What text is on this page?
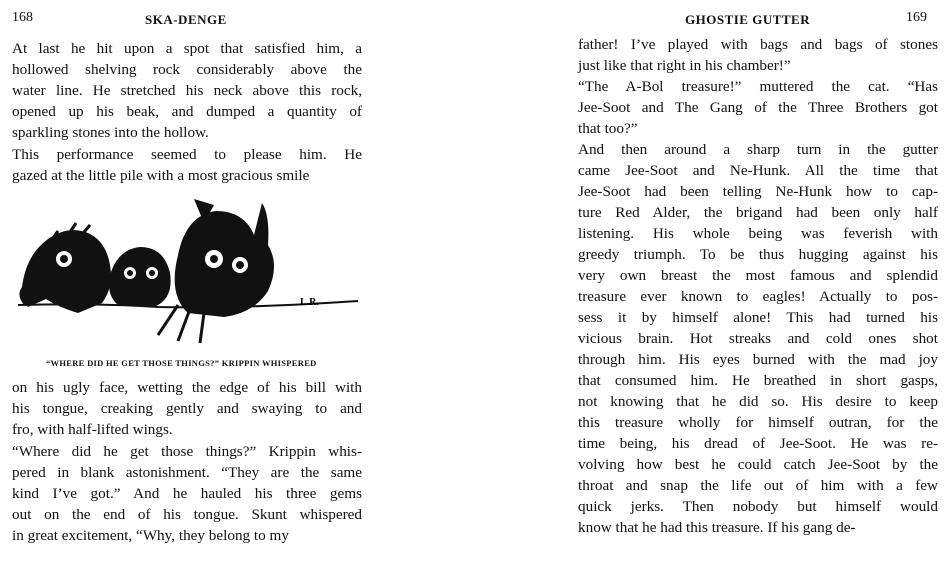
168	SKA-DENGE
At last he hit upon a spot that satisfied him, a
hollowed shelving rock considerably above the
water line. He stretched his neck above this rock,
opened up his beak, and dumped a quantity of
sparkling stones into the hollow.
This performance seemed to please him. He
gazed at the little pile with a most gracious smile
L.R.
“WHERE DID HE GET THOSE THINGS?” KRIPPIN WHISPERED
on his ugly face, wetting the edge of his bill with
his tongue, creaking gently and swaying to and
fro, with half-lifted wings.
“Where did he get those things?” Krippin whis-
pered in blank astonishment. “They are the same
kind I’ve got.” And he hauled his three gems
out on the end of his tongue. Skunt whispered
in great excitement, “Why, they belong to my
GHOSTIE GUTTER	169
father! I’ve played with bags and bags of stones
just like that right in his chamber!”
“The A-Bol treasure!” muttered the cat. “Has
Jee-Soot and The Gang of the Three Brothers got
that too?”
And then around a sharp turn in the gutter
came Jee-Soot and Ne-Hunk. All the time that
Jee-Soot had been telling Ne-Hunk how to cap-
ture Red Alder, the brigand had been only half
listening. His whole being was feverish with
greedy triumph. To be thus hugging against his
very own breast the most famous and splendid
treasure ever known to eagles! Actually to pos-
sess it by himself alone! This had turned his
vicious brain. Hot streaks and cold ones shot
through him. His eyes burned with the mad joy
that consumed him. He breathed in short gasps,
not knowing that he did so. His desire to keep
this treasure wholly for himself outran, for the
time being, his dread of Jee-Soot. He was re-
volving how best he could catch Jee-Soot by the
throat and snap the life out of him with a few
quick jerks. Then nobody but himself would
know that he had this treasure. If his gang de-
